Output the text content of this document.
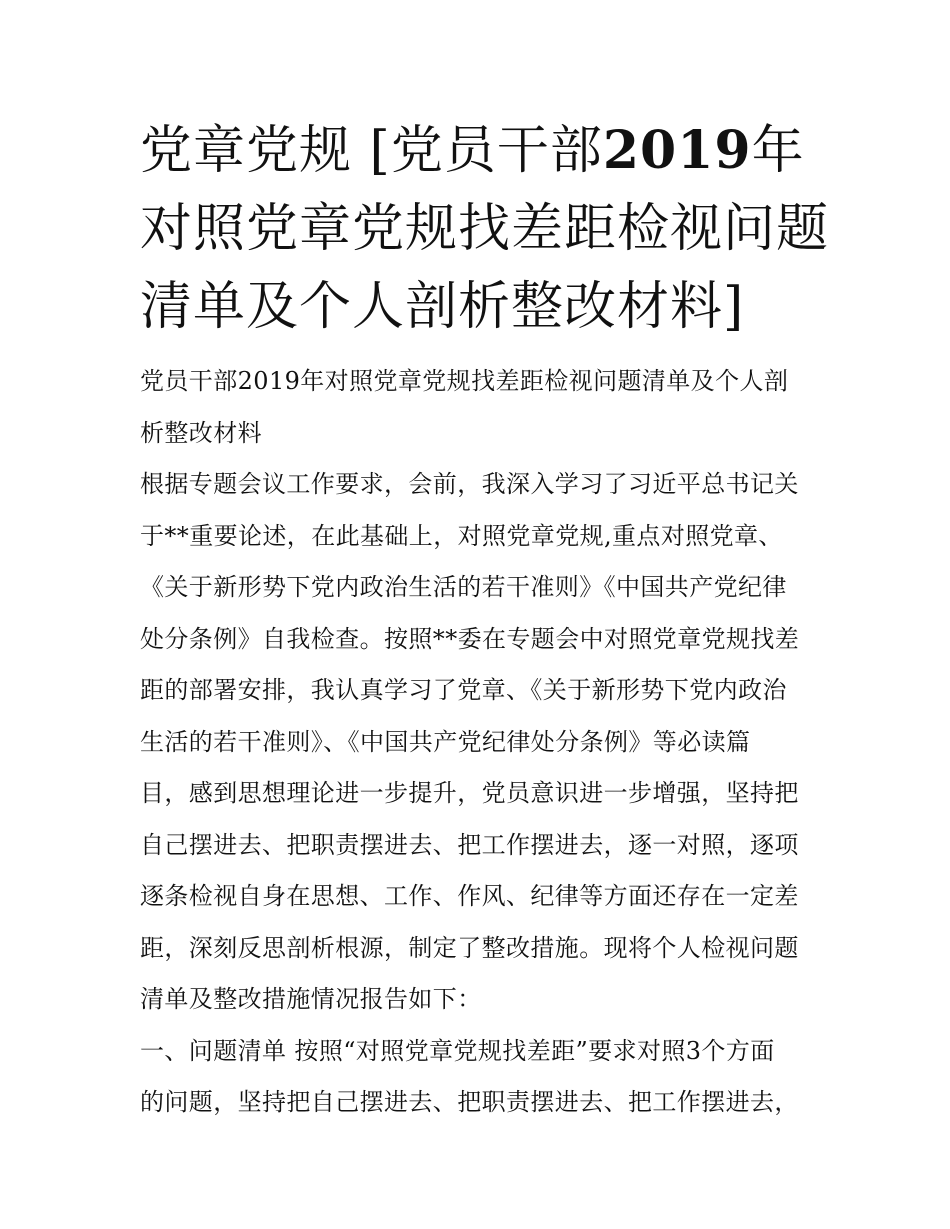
党章党规 [党员干部2019年对照党章党规找差距检视问题清单及个人剖析整改材料]
党员干部2019年对照党章党规找差距检视问题清单及个人剖
析整改材料
根据专题会议工作要求，会前，我深入学习了习近平总书记关
于**重要论述，在此基础上，对照党章党规,重点对照党章、
《关于新形势下党内政治生活的若干准则》《中国共产党纪律
处分条例》自我检查。按照**委在专题会中对照党章党规找差
距的部署安排，我认真学习了党章、《关于新形势下党内政治
生活的若干准则》、《中国共产党纪律处分条例》等必读篇
目，感到思想理论进一步提升，党员意识进一步增强，坚持把
自己摆进去、把职责摆进去、把工作摆进去，逐一对照，逐项
逐条检视自身在思想、工作、作风、纪律等方面还存在一定差
距，深刻反思剖析根源，制定了整改措施。现将个人检视问题
清单及整改措施情况报告如下：
一、问题清单 按照“对照党章党规找差距”要求对照3个方面
的问题，坚持把自己摆进去、把职责摆进去、把工作摆进去，
